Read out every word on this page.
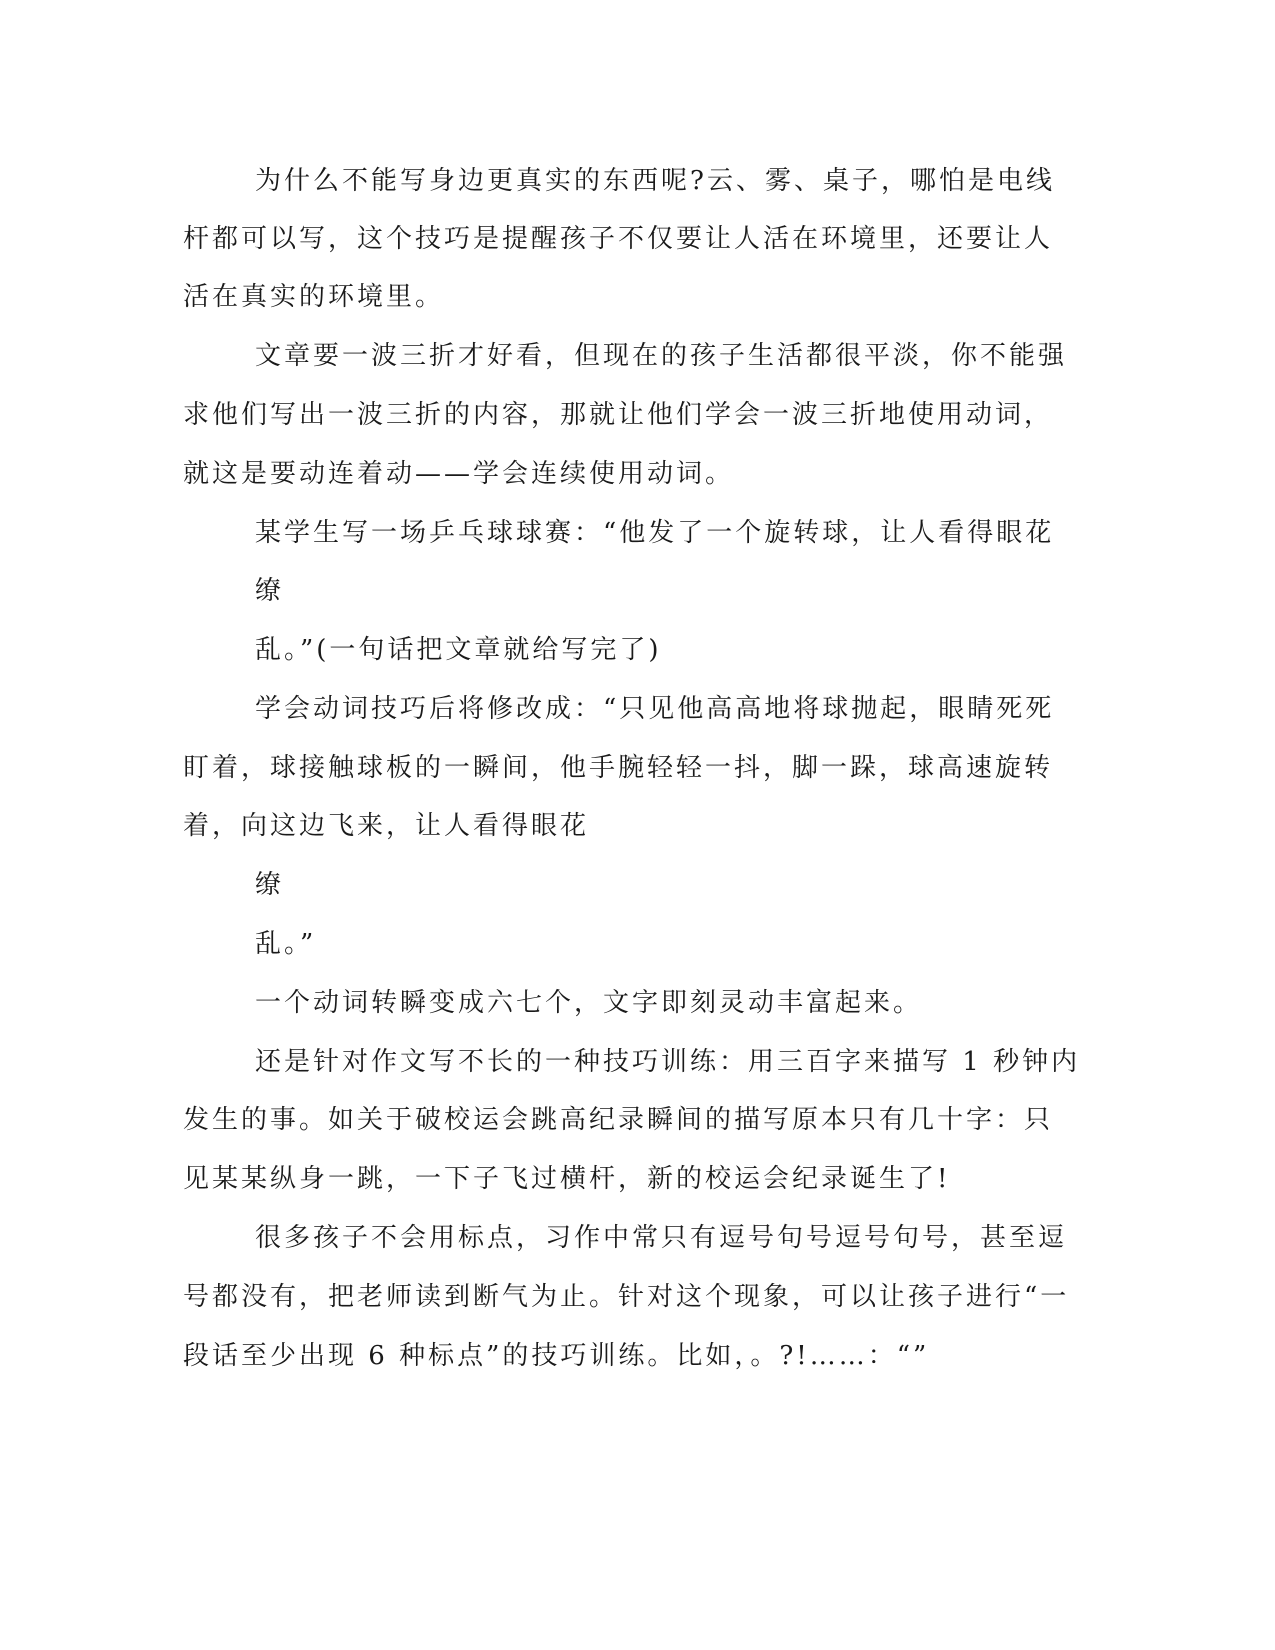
为什么不能写身边更真实的东西呢?云、雾、桌子，哪怕是电线
杆都可以写，这个技巧是提醒孩子不仅要让人活在环境里，还要让人
活在真实的环境里。
文章要一波三折才好看，但现在的孩子生活都很平淡，你不能强
求他们写出一波三折的内容，那就让他们学会一波三折地使用动词，
就这是要动连着动——学会连续使用动词。
某学生写一场乒乓球球赛：“他发了一个旋转球，让人看得眼花
缭
乱。”(一句话把文章就给写完了)
学会动词技巧后将修改成：“只见他高高地将球抛起，眼睛死死
盯着，球接触球板的一瞬间，他手腕轻轻一抖，脚一跺，球高速旋转
着，向这边飞来，让人看得眼花
缭
乱。”
一个动词转瞬变成六七个，文字即刻灵动丰富起来。
还是针对作文写不长的一种技巧训练：用三百字来描写 1 秒钟内
发生的事。如关于破校运会跳高纪录瞬间的描写原本只有几十字：只
见某某纵身一跳，一下子飞过横杆，新的校运会纪录诞生了!
很多孩子不会用标点，习作中常只有逗号句号逗号句号，甚至逗
号都没有，把老师读到断气为止。针对这个现象，可以让孩子进行“一
段话至少出现 6 种标点”的技巧训练。比如，。?!……：“”
